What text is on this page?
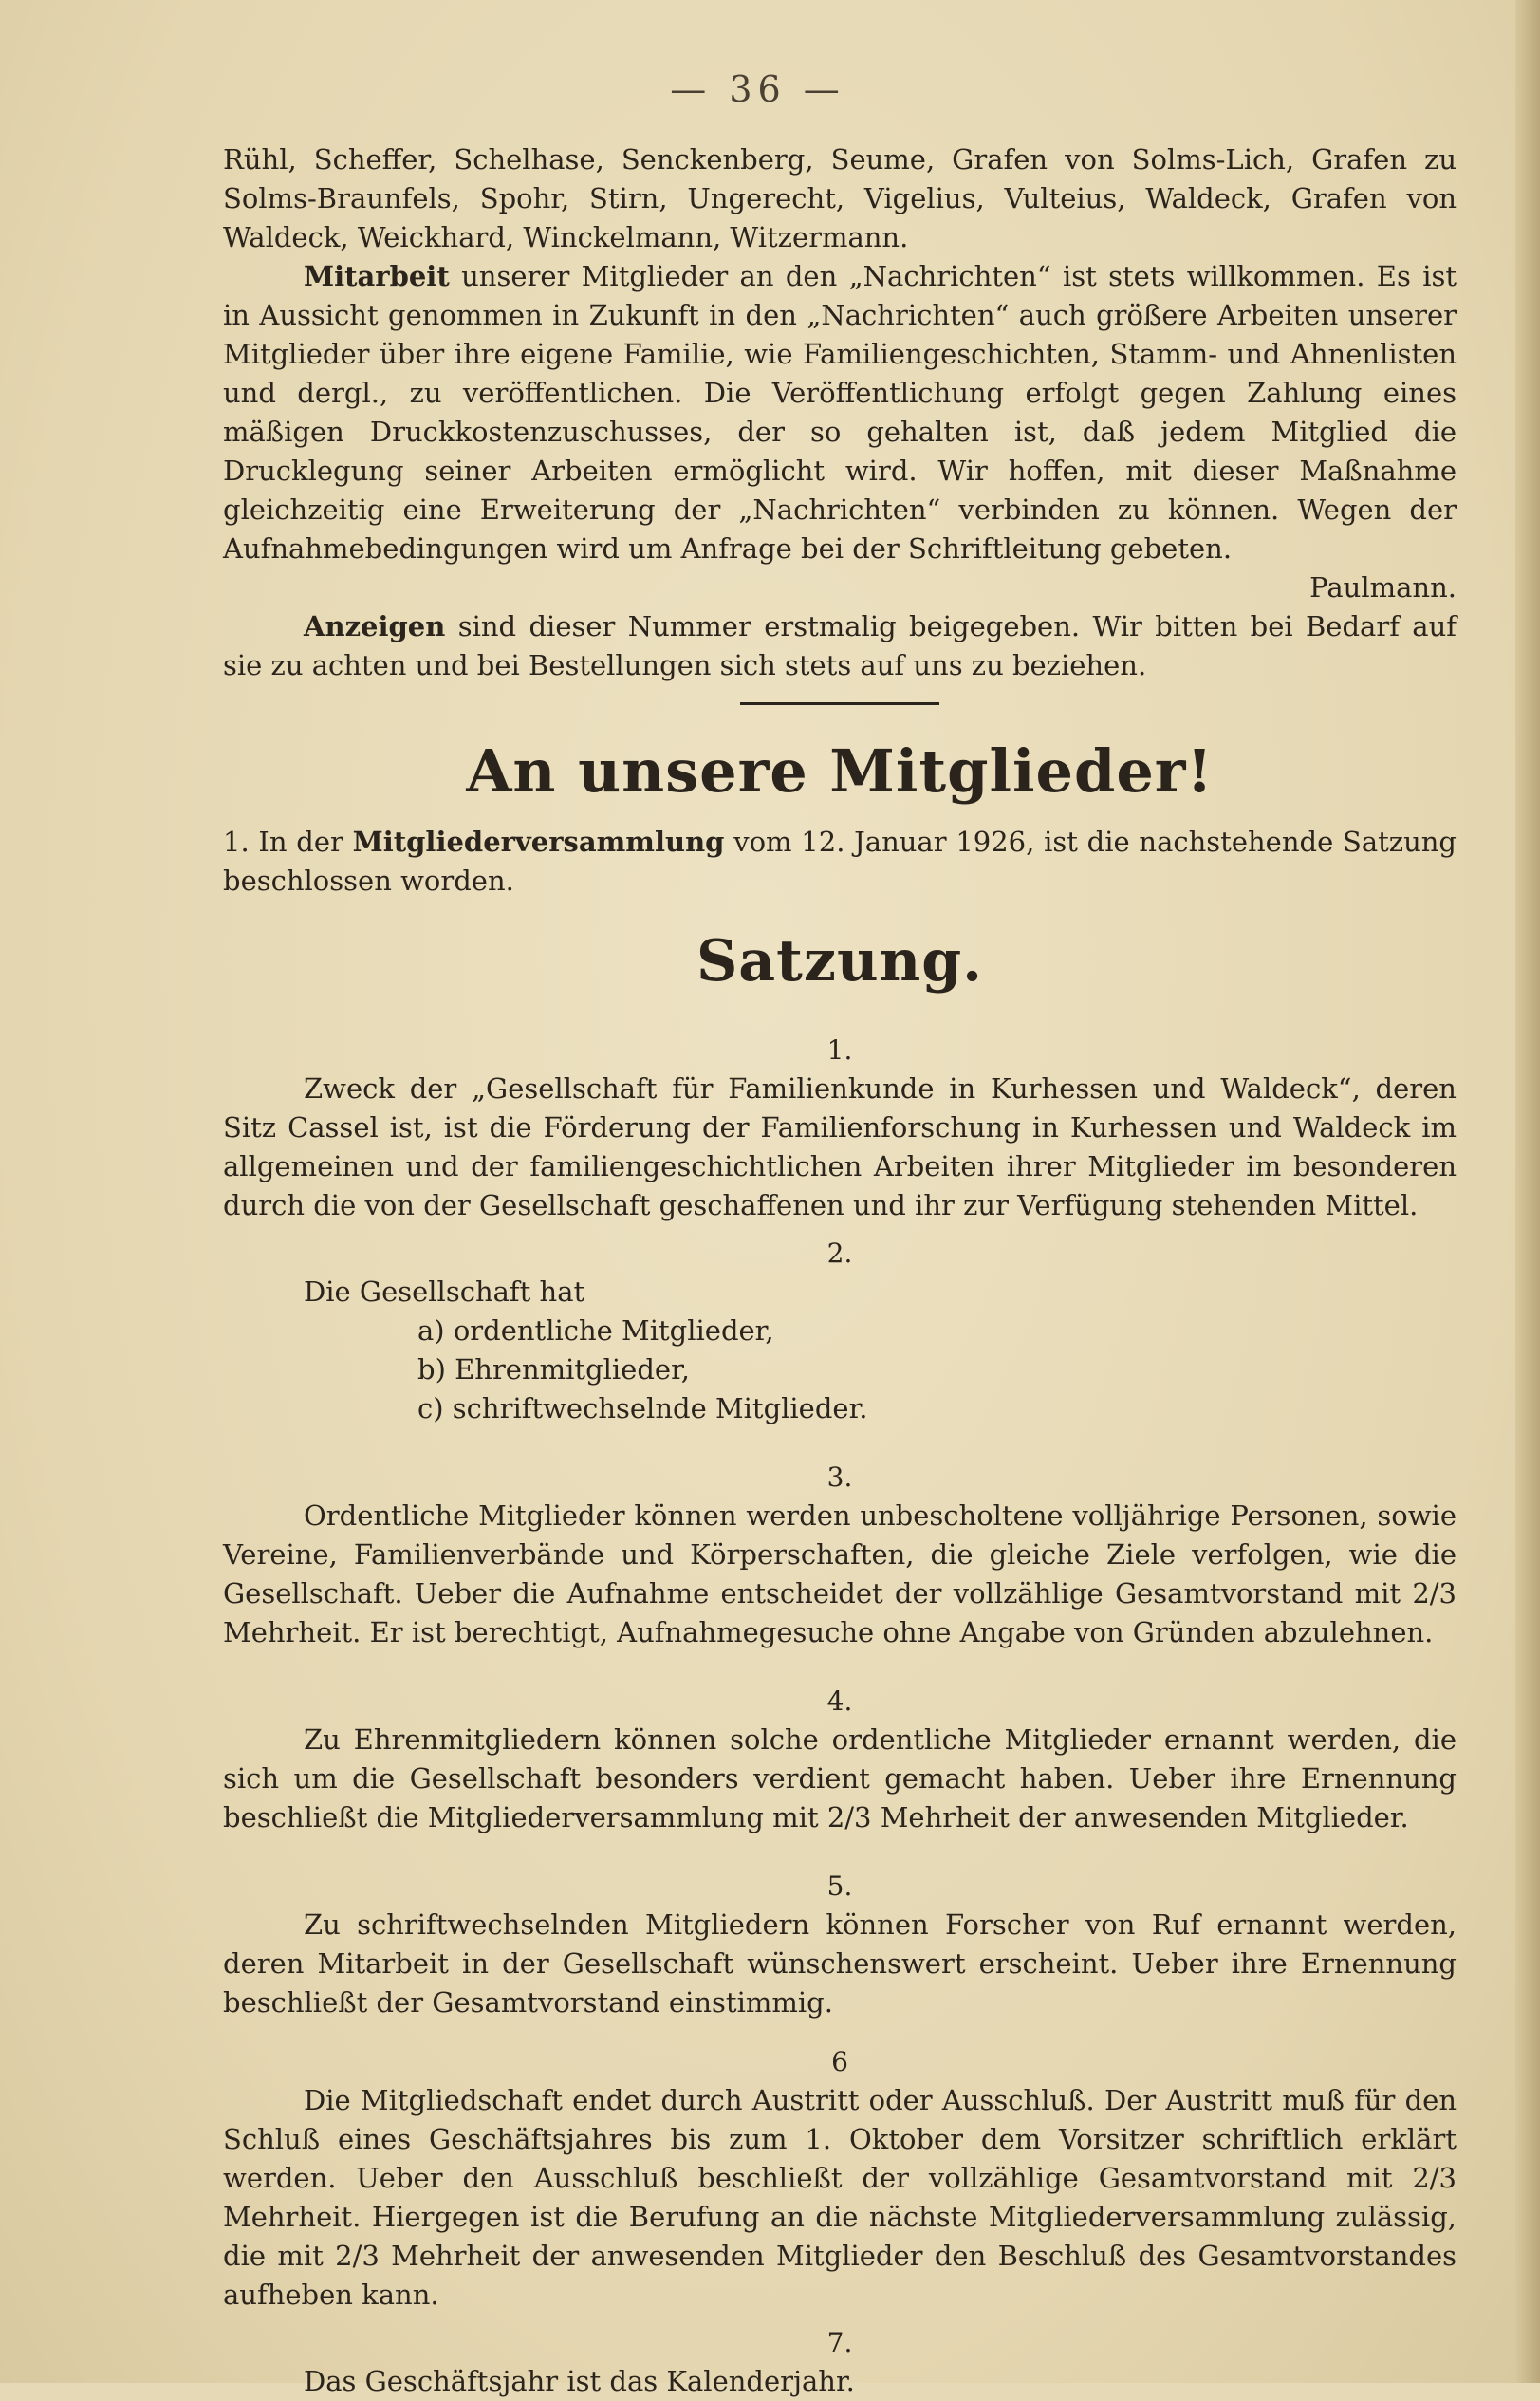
— 36 —

Rühl, Scheffer, Schelhase, Senckenberg, Seume, Grafen von Solms-Lich, Grafen zu Solms-Braunfels, Spohr, Stirn, Ungerecht, Vigelius, Vulteius, Waldeck, Grafen von Waldeck, Weickhard, Winckelmann, Witzermann.

Mitarbeit unserer Mitglieder an den „Nachrichten“ ist stets willkommen. Es ist in Aussicht genommen in Zukunft in den „Nachrichten“ auch größere Arbeiten unserer Mitglieder über ihre eigene Familie, wie Familiengeschichten, Stamm- und Ahnenlisten und dergl., zu veröffentlichen. Die Veröffentlichung erfolgt gegen Zahlung eines mäßigen Druckkostenzuschusses, der so gehalten ist, daß jedem Mitglied die Drucklegung seiner Arbeiten ermöglicht wird. Wir hoffen, mit dieser Maßnahme gleichzeitig eine Erweiterung der „Nachrichten“ verbinden zu können. Wegen der Aufnahmebedingungen wird um Anfrage bei der Schriftleitung gebeten.

Paulmann.

Anzeigen sind dieser Nummer erstmalig beigegeben. Wir bitten bei Bedarf auf sie zu achten und bei Bestellungen sich stets auf uns zu beziehen.

An unsere Mitglieder!

1. In der Mitgliederversammlung vom 12. Januar 1926, ist die nachstehende Satzung beschlossen worden.

Satzung.
1.

Zweck der „Gesellschaft für Familienkunde in Kurhessen und Waldeck“, deren Sitz Cassel ist, ist die Förderung der Familienforschung in Kurhessen und Waldeck im allgemeinen und der familiengeschichtlichen Arbeiten ihrer Mitglieder im besonderen durch die von der Gesellschaft geschaffenen und ihr zur Verfügung stehenden Mittel.

2.

Die Gesellschaft hat

a) ordentliche Mitglieder,

b) Ehrenmitglieder,

c) schriftwechselnde Mitglieder.

3.

Ordentliche Mitglieder können werden unbescholtene volljährige Personen, sowie Vereine, Familienverbände und Körperschaften, die gleiche Ziele verfolgen, wie die Gesellschaft. Ueber die Aufnahme entscheidet der vollzählige Gesamtvorstand mit 2/3 Mehrheit. Er ist berechtigt, Aufnahmegesuche ohne Angabe von Gründen abzulehnen.

4.

Zu Ehrenmitgliedern können solche ordentliche Mitglieder ernannt werden, die sich um die Gesellschaft besonders verdient gemacht haben. Ueber ihre Ernennung beschließt die Mitgliederversammlung mit 2/3 Mehrheit der anwesenden Mitglieder.

5.

Zu schriftwechselnden Mitgliedern können Forscher von Ruf ernannt werden, deren Mitarbeit in der Gesellschaft wünschenswert erscheint. Ueber ihre Ernennung beschließt der Gesamtvorstand einstimmig.

6

Die Mitgliedschaft endet durch Austritt oder Ausschluß. Der Austritt muß für den Schluß eines Geschäftsjahres bis zum 1. Oktober dem Vorsitzer schriftlich erklärt werden. Ueber den Ausschluß beschließt der vollzählige Gesamtvorstand mit 2/3 Mehrheit. Hiergegen ist die Berufung an die nächste Mitgliederversammlung zulässig, die mit 2/3 Mehrheit der anwesenden Mitglieder den Beschluß des Gesamtvorstandes aufheben kann.

7.

Das Geschäftsjahr ist das Kalenderjahr.
